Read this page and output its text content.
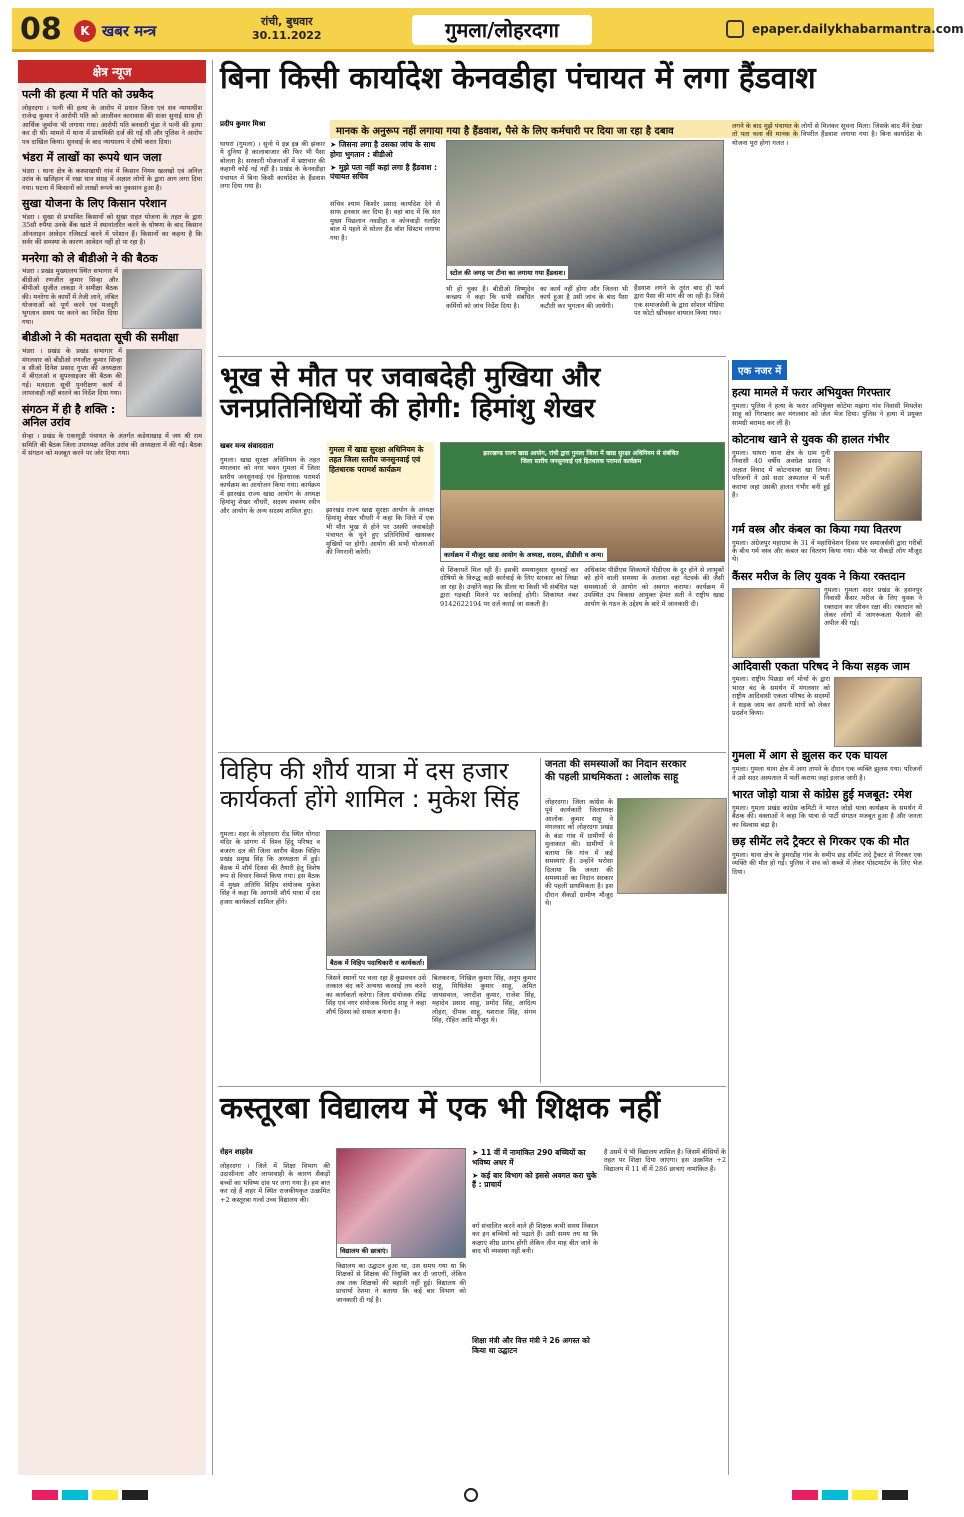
08	K खबर मन्त्र
रांची, बुधवार
30.11.2022	गुमला/लोहरदगा	epaper.dailykhabarmantra.com
क्षेत्र न्यूज
पत्नी की हत्या में पति को उम्रकैद
लोहरदगा । पत्नी की हत्या के आरोप में प्रधान जिला एवं सत्र न्यायाधीश राजेन्द्र कुमार ने आरोपी पति को आजीवन कारावास की सजा सुनाई साथ ही आर्थिक जुर्माना भी लगाया गया। आरोपी पति बनवारी मुंडा ने पत्नी की हत्या कर दी थी। मामले में थाना में प्राथमिकी दर्ज की गई थी और पुलिस ने आरोप पत्र दाखिल किया। सुनवाई के बाद न्यायालय ने दोषी करार दिया।
भंडरा में लाखों का रूपये धान जला
भंडरा । थाना क्षेत्र के कस्पाखाघी गांव में किसान नियम खलखो एवं अनिल उरांव के खलिहान में रखा धान संग्रह में अज्ञात लोगों के द्वारा आग लगा दिया गया। घटना में किसानों को लाखों रूपये का नुकसान हुआ है।
सुखा योजना के लिए किसान परेशान
भंडरा । सुखा से प्रभावित किसानों को सुखा राहत योजना के तहत के द्वारा 35सौ रुपैया उनके बैंक खाते में स्थानांतरित करने के घोषणा के बाद किसान ऑनलाइन आवेदन रजिस्टर्ड करने में परेशान हैं। किसानों का कहना है कि सर्वर की समस्या के कारण आवेदन नहीं हो पा रहा है।
मनरेगा को ले बीडीओ ने की बैठक
भंडरा । प्रखंड मुख्यालय स्थित सभागार में बीडीओ रणजीत कुमार सिन्हा और बीपीओ सुजीत लकड़ा ने समीक्षा बैठक की। मनरेगा के कार्यों में तेजी लाने, लंबित योजनाओं को पूर्ण करने एवं मजदूरी भुगतान समय पर करने का निर्देश दिया गया।
बीडीओ ने की मतदाता सूची की समीक्षा
भंडरा । प्रखंड के प्रखंड सभागार में मंगलवार को बीडीओ रणजीत कुमार सिन्हा व सीओ दिनेश प्रसाद गुप्ता की अध्यक्षता में बीएलओ व सुपरवाइजर की बैठक की गई। मतदाता सूची पुनरीक्षण कार्य में लापरवाही नहीं बरतने का निर्देश दिया गया।
संगठन में ही है शक्ति : अनिल उरांव
सेन्हा । प्रखंड के एकागुड़ी पंचायत के अंतर्गत कडेयाखाड़ में जय श्री राम समिति की बैठक जिला उपाध्यक्ष अनिल उरांव की अध्यक्षता में की गई। बैठक में संगठन को मजबूत करने पर जोर दिया गया।
बिना किसी कार्यादेश केनवडीहा पंचायत में लगा हैंडवाश
मानक के अनुरूप नहीं लगाया गया है हैंडवाश, पैसे के लिए कर्मचारी पर दिया जा रहा है दबाव
प्रदीप कुमार मिश्रा
घाघरा (गुमला) । सुनो ये इन्न इन्न की झंकार ये दुनिया है कालाबाजार की फिर भी पैसा बोलता है। सरकारी योजनाओं में भ्रष्टाचार की कहानी कोई नई नहीं है। प्रखंड के केनवडीहा पंचायत में बिना किसी कार्यादेश के हैंडवाश लगा दिया गया है।
➤ जिसना लगा है उसका जांच के साथ होगा भुगतान : बीडीओ
➤ मुझे पता नहीं कहां लगा है हैंडवाश : पंचायत सचिव
संचिव श्याम किशोर प्रसाद कार्यादेश देने से साफ इनकार कर दिया है। वहां बाद में कि संत मुख्य पिछलान नवडीहा व कोनवाड़ी गलहिर बाल में पहले से सोलर हैंड वॉश सिस्टम लगाया गया है।
स्टोल की जगह पर टीना का लगाया गया हैंडवाश।
भी हो चुका है। बीडीओ विष्णुदेव कच्छप ने कहा कि सभी संबंधित कर्मियों को जांच निर्देश दिया है।
का कार्य नहीं होगा और जितना भी कार्य हुआ है उसी जांच के बाद पैसा कटौती कर भुगतान की जायेगी।
हैंडवाश लगने के तुरंत बाद ही फर्म द्वारा पैसा की मांग की जा रही है। जिसे एक समाजसेवी के द्वारा सोशल मीडिया पर फोटो खींचकर वायरल किया गया।
लगने के बाद मुझे पंचायत के लोगों से मिलकर सूचना मिला। जिसके बाद मैंने देखा तो पता चला की मानक के विपरीत हैंडवाश लगाया गया है। बिना कार्यादेश के योजना पूरा होगा गलत ।
भूख से मौत पर जवाबदेही मुखिया और
जनप्रतिनिधियों की होगी: हिमांशु शेखर
खबर मन्त्र संवाददाता
गुमला। खाद्य सुरक्षा अधिनियम के तहत मंगलवार को नगर भवन गुमला में जिला स्तरीय जनसुनवाई एवं हितधारक परामर्श कार्यक्रम का आयोजन किया गया। कार्यक्रम में झारखंड राज्य खाद्य आयोग के अध्यक्ष हिमांशु शेखर चौधरी, सदस्य शबनम रवीन और आयोग के अन्य सदस्य शामिल हुए।
गुमला में खाद्य सुरक्षा अधिनियम के तहत जिला स्तरीय जनसुनवाई एवं हितधारक परामर्श कार्यक्रम
झारखंड राज्य खाद्य सुरक्षा आयोग के अध्यक्ष हिमांशु शेखर चौधरी ने कहा कि जिले में एक भी मौत भूख से होने पर उसकी जवाबदेही पंचायत के चुने हुए प्रतिनिधियों खासकर मुखियों पर होगी। आयोग की सभी योजनाओं की निगरानी करेगी।
झारखण्ड राज्य खाद्य आयोग, रांची द्वारा गुमला जिला में खाद्य सुरक्षा अधिनियम से संबंधित जिला स्तरीय जनसुनवाई एवं हितधारक परामर्श कार्यक्रम
कार्यक्रम में मौजूद खाद्य आयोग के अध्यक्ष, सदस्य, डीडीसी व अन्य।
से शिकायतें मिल रही हैं। इसकी समयानुसार सुनवाई कर दोषियों के विरुद्ध कड़ी कार्रवाई के लिए सरकार को लिखा जा रहा है। उन्होंने कहा कि डीलर या किसी भी संबंधित पक्ष द्वारा गड़बड़ी मिलने पर कार्रवाई होगी। शिकायत नंबर 9142622194 पर दर्ज कराई जा सकती है।
अधिकांश पीडीएस शिकायतें पीडीएस के दुर होने से लाभुकों को होने वाली समस्या के अलावा वहां नेटवर्क की जैसी समस्याओं से आयोग को अवगत कराया। कार्यक्रम में उपस्थित उप विकास आयुक्त हेमंत सती ने राष्ट्रीय खाद्य आयोग के गठन के उद्देश्य के बारे में जानकारी दी।
विहिप की शौर्य यात्रा में दस हजार
कार्यकर्ता होंगे शामिल : मुकेश सिंह
गुमला। शहर के लोहरदगा रोड स्थित योगदा मंदिर के प्रांगण में विश्व हिंदू परिषद व बजरंग दल की जिला स्तरीय बैठक विहिप प्रखंड प्रमुख सिंह कि अध्यक्षता में हुई। बैठक में शौर्य दिवस की तैयारी हेतु विशेष रूप से विचार विमर्श किया गया। इस बैठक में मुख्य अतिथि विहिप संयोजक मुकेश सिंह ने कहा कि आगामी शौर्य यात्रा में दस हजार कार्यकर्ता शामिल होंगे।
बैठक में विहिप पदाधिकारी व कार्यकर्ता।
जिसने स्थानों पर चला रहा है कुप्रवचन उसे तत्काल बंद करें अन्यथा करवाई तय करने का कार्यकर्ता करेगा। जिला संयोजक रविंद्र सिंह एवं नगर संयोजक विनोद साहू ने कहा शौर्य दिवस को सफल बनाना है।
बिलकरना, निखिल कुमार सिंह, अनूप कुमार साहू, मिथिलेश कुमार साहू, अमित जायसवाल, जगदीश कुमार, राजेश सिंह, महादेव प्रसाद साहू, प्रमोद सिंह, आदित्य लोहरा, दीपक साहू, यशराज सिंह, संगम सिंह, रोहित आदि मौजूद थे।
जनता की समस्याओं का निदान सरकार
की पहली प्राथमिकता : आलोक साहू
लोहरदगा। जिला कांग्रेस के पूर्व कार्यकारी जिलाध्यक्ष आलोक कुमार साहू ने मंगलवार को लोहरदगा प्रखंड के बंडा गांव में ग्रामीणों से मुलाकात की। ग्रामीणों ने बताया कि गांव में कई समस्याएं हैं। उन्होंने भरोसा दिलाया कि जनता की समस्याओं का निदान सरकार की पहली प्राथमिकता है। इस दौरान सैकड़ों ग्रामीण मौजूद थे।
कस्तूरबा विद्यालय में एक भी शिक्षक नहीं
रोहन शाहदेव
लोहरदगा । जिले में शिक्षा विभाग की उदासीनता और लापरवाही के कारण सैकड़ों बच्चों का भविष्य दांव पर लगा गया है। हम बात कर रहे हैं शहर में स्थित राजकीयकृत उत्क्रमित +2 कस्तूरबा गर्ल्स उच्च विद्यालय की।
विद्यालय की छात्राएं।
विद्यालय का उद्घाटन हुआ था, उस समय गया था कि शिक्षकों से शिक्षक की नियुक्ति कर दी जाएगी, लेकिन अब तक शिक्षकों की बहाली नहीं हुई। विद्यालय की प्राचार्या रेशमा ने बताया कि कई बार विभाग को जानकारी दी गई है।
➤ 11 वीं में नामांकित 290 बच्चियों का भविष्य अधर में
➤ कई बार विभाग को इससे अवगत करा चुके हैं : प्राचार्य
वर्ग संचालित करने वाले ही शिक्षक कभी समय निकाल कर इन बच्चियों को पढ़ाते हैं। उसी समय तय था कि कक्षाएं शीघ्र प्रारंभ होंगी लेकिन तीन माह बीत जाने के बाद भी व्यवस्था नहीं बनी।
शिक्षा मंत्री और वित्त मंत्री ने 26 अगस्त को किया था उद्घाटन
है उसमें ये भी विद्यालय शामिल है। जिसमें बीसियों के तहत पर शिक्षा दिया जाएगा। इस उत्क्रमित +2 विद्यालय में 11 वीं में 286 छात्राएं नामांकित हैं।
एक नजर में
हत्या मामले में फरार अभियुक्त गिरफ्तार
गुमला। पुलिस ने हत्या के फरार अभियुक्त कोटेमा मझगा गांव निवासी मिथलेश साहू को गिरफ्तार कर मंगलवार को जेल भेज दिया। पुलिस ने हत्या में प्रयुक्त सामग्री बरामद कर ली है।
कोटनाथ खाने से युवक की हालत गंभीर
गुमला। घाघरा थाना क्षेत्र के ग्राम गुनी निवासी 40 वर्षीय अवधेश प्रसाद ने अज्ञात विवाद में कोटनाशक खा लिया। परिजनों ने उसे सदर अस्पताल में भर्ती कराया जहां उसकी हालत गंभीर बनी हुई है।
गर्म वस्त्र और कंबल का किया गया वितरण
गुमला। अंग्रेजपुर महाग्राम के 31 वें महाधिवेशन दिवस पर समाजसेवी द्वारा गरीबों के बीच गर्म वस्त्र और कंबल का वितरण किया गया। मौके पर सैकड़ों लोग मौजूद थे।
कैंसर मरीज के लिए युवक ने किया रक्तदान
गुमला। गुमला सदर प्रखंड के हसनपुर निवासी कैंसर मरीज के लिए युवक ने रक्तदान कर जीवन रक्षा की। रक्तदान को लेकर लोगों में जागरूकता फैलाने की अपील की गई।
आदिवासी एकता परिषद ने किया सड़क जाम
गुमला। राष्ट्रीय पिछड़ा वर्ग मोर्चा के द्वारा भारत बंद के समर्थन में मंगलवार को राष्ट्रीय आदिवासी एकता परिषद के सदस्यों ने सड़क जाम कर अपनी मांगों को लेकर प्रदर्शन किया।
गुमला में आग से झुलस कर एक घायल
गुमला। गुमला थाना क्षेत्र में आग तापने के दौरान एक व्यक्ति झुलस गया। परिजनों ने उसे सदर अस्पताल में भर्ती कराया जहां इलाज जारी है।
भारत जोड़ो यात्रा से कांग्रेस हुई मजबूत: रमेश
गुमला। गुमला प्रखंड कांग्रेस कमिटी ने भारत जोड़ो यात्रा कार्यक्रम के समर्थन में बैठक की। वक्ताओं ने कहा कि यात्रा से पार्टी संगठन मजबूत हुआ है और जनता का विश्वास बढ़ा है।
छड़ सीमेंट लदे ट्रैक्टर से गिरकर एक की मौत
गुमला। थाना क्षेत्र के डुमरडीह गांव के समीप छड़ सीमेंट लदे ट्रैक्टर से गिरकर एक व्यक्ति की मौत हो गई। पुलिस ने शव को कब्जे में लेकर पोस्टमार्टम के लिए भेज दिया।
